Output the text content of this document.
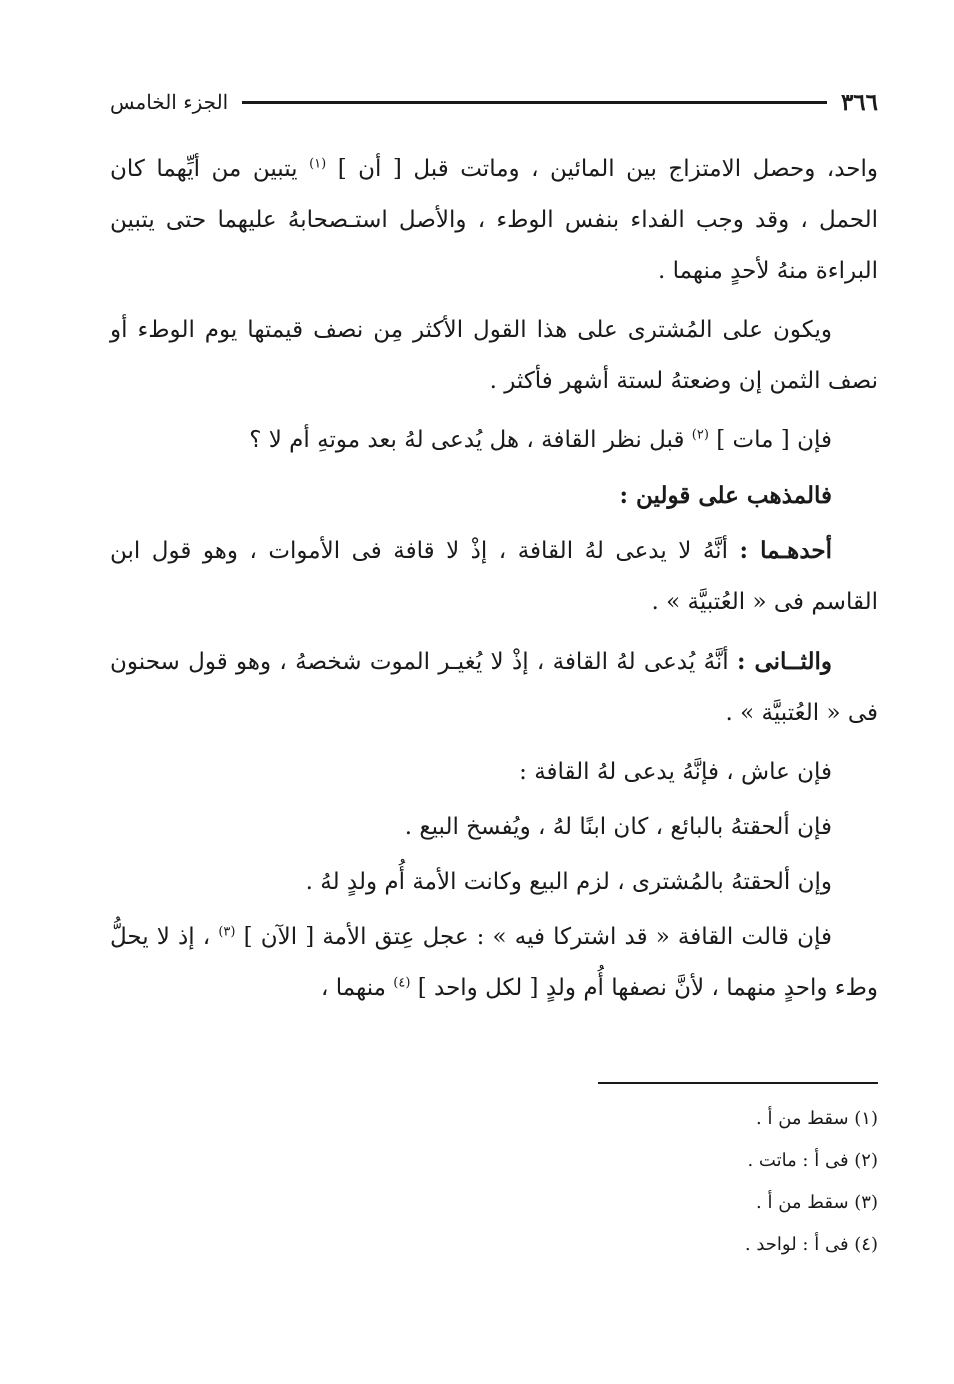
٣٦٦
الجزء الخامس

واحد، وحصل الامتزاج بين المائين ، وماتت قبل [ أن ] $^{(١)}$ يتبين من أيِّهما كان الحمل ، وقد وجب الفداء بنفس الوطء ، والأصل استـصحابهُ عليهما حتى يتبين البراءة منهُ لأحدٍ منهما .

ويكون على المُشترى على هذا القول الأكثر مِن نصف قيمتها يوم الوطء أو نصف الثمن إن وضعتهُ لستة أشهر فأكثر .

فإن [ مات ] $^{(٢)}$ قبل نظر القافة ، هل يُدعى لهُ بعد موتهِ أم لا ؟

فالمذهب على قولين :

أحدهـما : أنَّهُ لا يدعى لهُ القافة ، إذْ لا قافة فى الأموات ، وهو قول ابن القاسم فى « العُتبيَّة » .

والثــانى : أنَّهُ يُدعى لهُ القافة ، إذْ لا يُغيـر الموت شخصهُ ، وهو قول سحنون فى « العُتبيَّة » .

فإن عاش ، فإنَّهُ يدعى لهُ القافة :

فإن ألحقتهُ بالبائع ، كان ابنًا لهُ ، ويُفسخ البيع .

وإن ألحقتهُ بالمُشترى ، لزم البيع وكانت الأمة أُم ولدٍ لهُ .

فإن قالت القافة « قد اشتركا فيه » : عجل عِتق الأمة [ الآن ] $^{(٣)}$ ، إذ لا يحلُّ وطء واحدٍ منهما ، لأنَّ نصفها أُم ولدٍ [ لكل واحد ] $^{(٤)}$ منهما ،

(١) سقط من أ .
(٢) فى أ : ماتت .
(٣) سقط من أ .
(٤) فى أ : لواحد .
